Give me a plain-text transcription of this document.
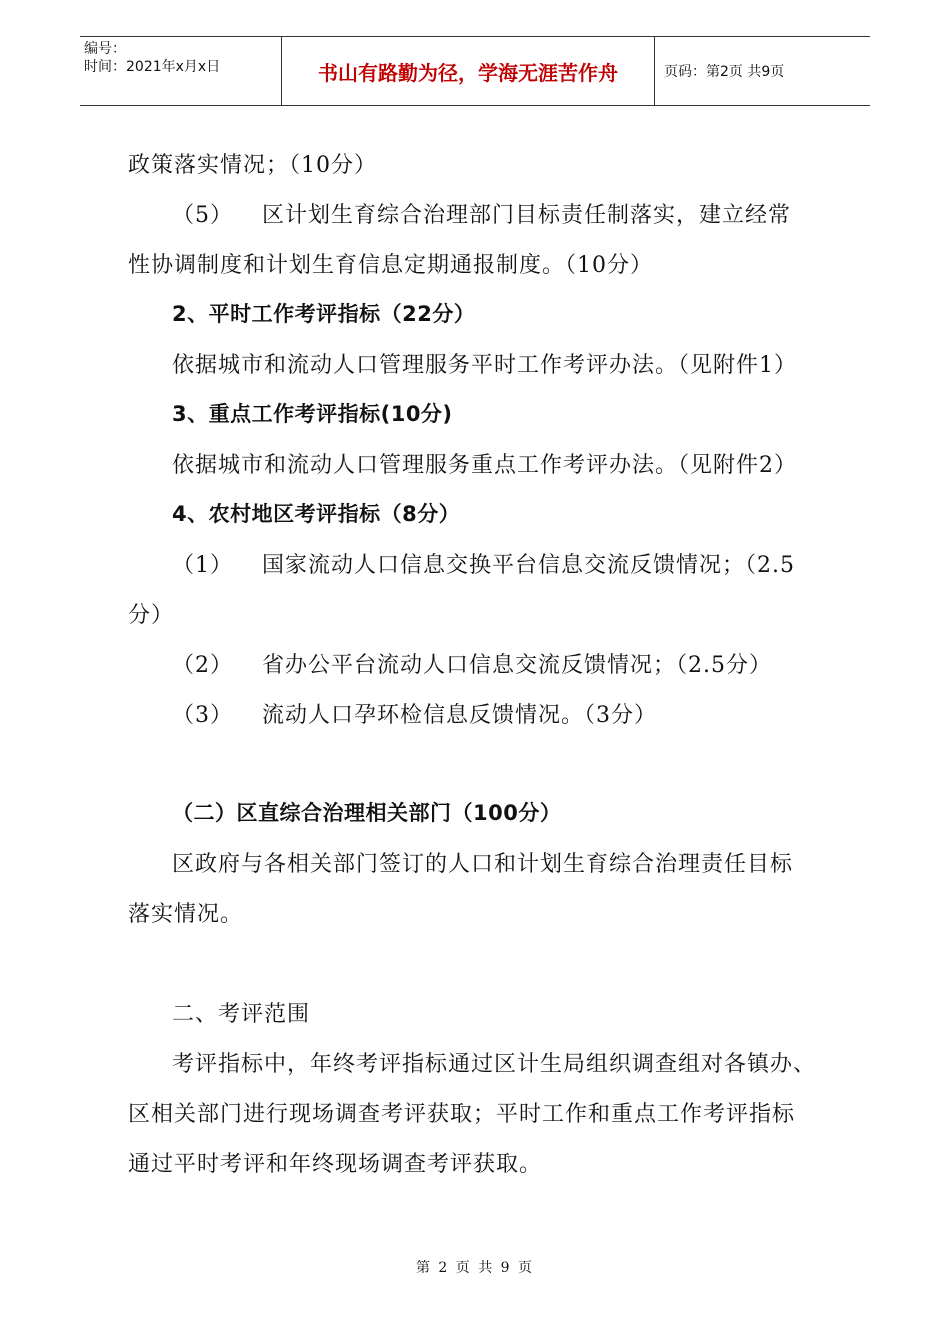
编号：
时间：2021年x月x日	书山有路勤为径，学海无涯苦作舟	页码：第2页 共9页
政策落实情况；（10分）
（5） 区计划生育综合治理部门目标责任制落实，建立经常
性协调制度和计划生育信息定期通报制度。（10分）
2、平时工作考评指标（22分）
依据城市和流动人口管理服务平时工作考评办法。（见附件1）
3、重点工作考评指标(10分)
依据城市和流动人口管理服务重点工作考评办法。（见附件2）
4、农村地区考评指标（8分）
（1） 国家流动人口信息交换平台信息交流反馈情况；（2.5
分）
（2） 省办公平台流动人口信息交流反馈情况；（2.5分）
（3） 流动人口孕环检信息反馈情况。（3分）
（二）区直综合治理相关部门（100分）
区政府与各相关部门签订的人口和计划生育综合治理责任目标
落实情况。
二、考评范围
考评指标中，年终考评指标通过区计生局组织调查组对各镇办、
区相关部门进行现场调查考评获取；平时工作和重点工作考评指标
通过平时考评和年终现场调查考评获取。
第 2 页 共 9 页
